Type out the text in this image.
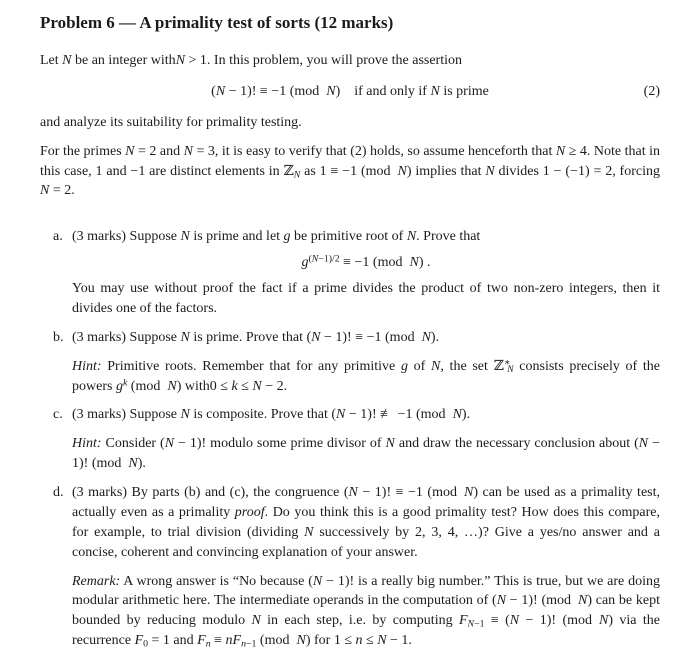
Problem 6 — A primality test of sorts (12 marks)

Let N be an integer withN > 1. In this problem, you will prove the assertion

(N − 1)! ≡ −1 (mod N) if and only if N is prime	(2)

and analyze its suitability for primality testing.

For the primes N = 2 and N = 3, it is easy to verify that (2) holds, so assume henceforth that N ≥ 4. Note that in this case, 1 and −1 are distinct elements in ℤ$_N$ as 1 ≡ −1 (mod N) implies that N divides 1 − (−1) = 2, forcing N = 2.

a. (3 marks) Suppose N is prime and let g be primitive root of N. Prove that

$g^{(N-1)/2} \equiv -1$ (mod N) .

You may use without proof the fact if a prime divides the product of two non-zero integers, then it divides one of the factors.

b. (3 marks) Suppose N is prime. Prove that (N − 1)! ≡ −1 (mod N).

Hint: Primitive roots. Remember that for any primitive g of N, the set ℤ∗$_N$ consists precisely of the powers $g^k$ (mod N) with0 ≤ k ≤ N − 2.

c. (3 marks) Suppose N is composite. Prove that (N − 1)! ≢ −1 (mod N).

Hint: Consider (N − 1)! modulo some prime divisor of N and draw the necessary conclusion about (N − 1)! (mod N).

d. (3 marks) By parts (b) and (c), the congruence (N − 1)! ≡ −1 (mod N) can be used as a primality test, actually even as a primality proof. Do you think this is a good primality test? How does this compare, for example, to trial division (dividing N successively by 2, 3, 4, …)? Give a yes/no answer and a concise, coherent and convincing explanation of your answer.

Remark: A wrong answer is “No because (N − 1)! is a really big number.” This is true, but we are doing modular arithmetic here. The intermediate operands in the computation of (N − 1)! (mod N) can be kept bounded by reducing modulo N in each step, i.e. by computing $F_{N-1} \equiv (N - 1)$! (mod N) via the recurrence $F_0 = 1$ and $F_n \equiv nF_{n-1}$ (mod N) for 1 ≤ n ≤ N − 1.
